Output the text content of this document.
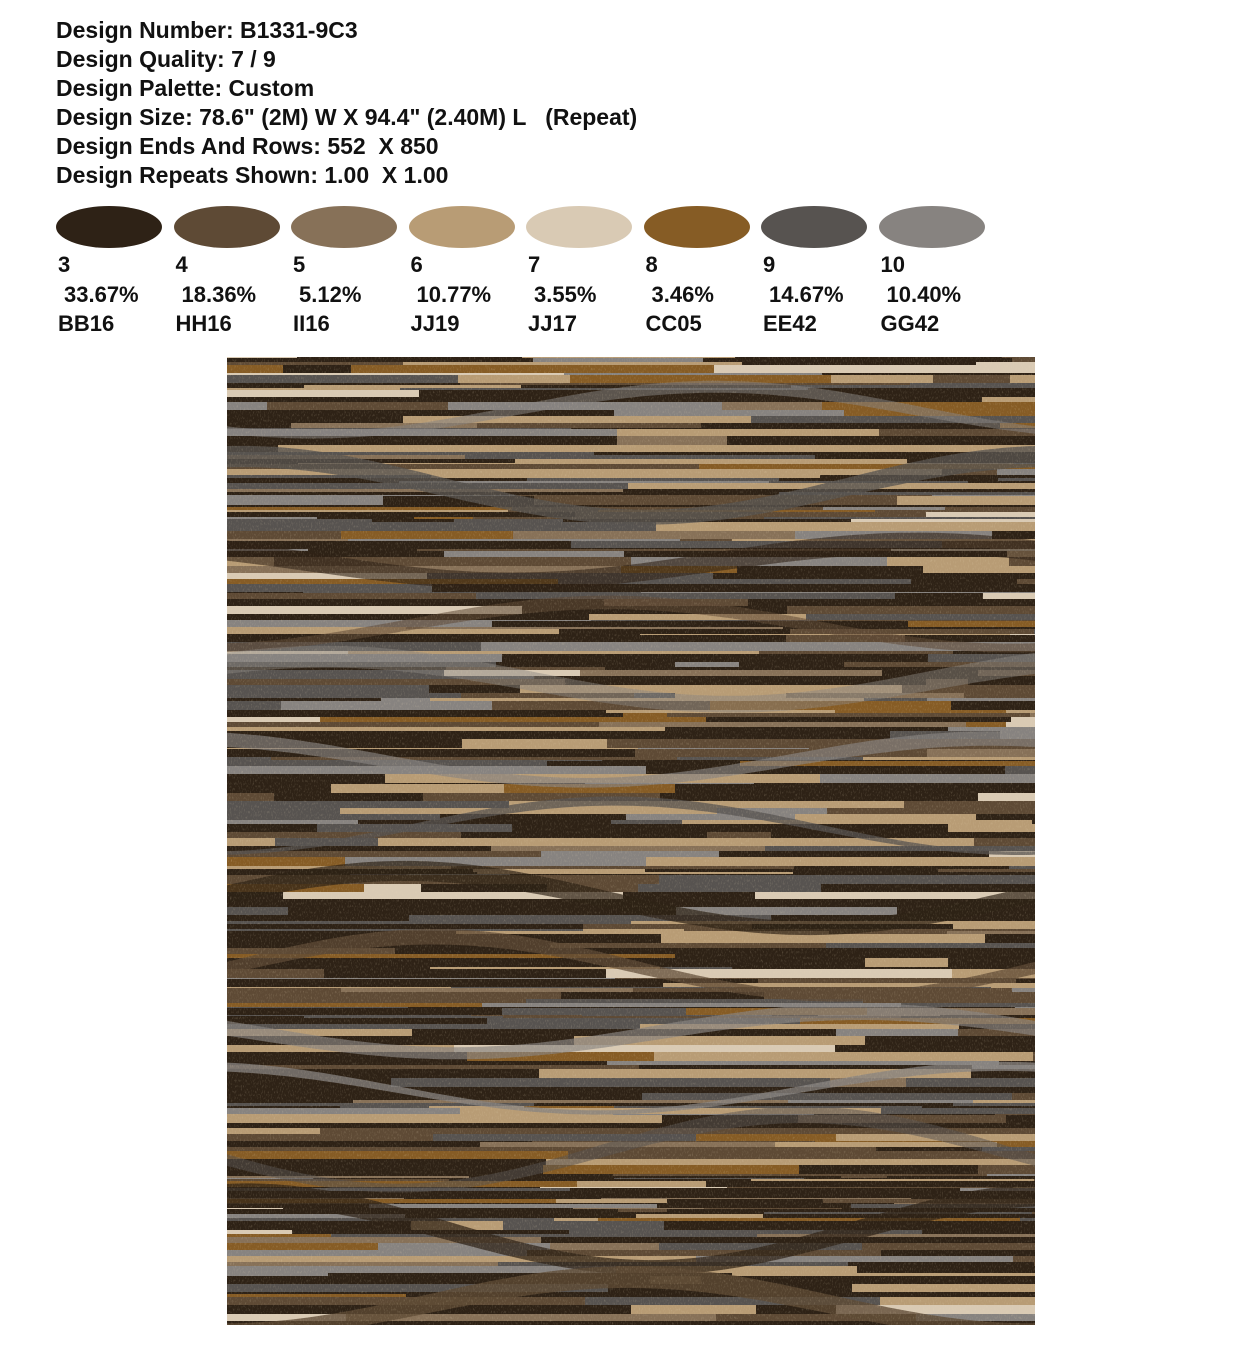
Design Number: B1331-9C3
Design Quality: 7 / 9
Design Palette: Custom
Design Size: 78.6" (2M) W X 94.4" (2.40M) L   (Repeat)
Design Ends And Rows: 552  X 850
Design Repeats Shown: 1.00  X 1.00
3
33.67%
BB16
4
18.36%
HH16
5
5.12%
II16
6
10.77%
JJ19
7
3.55%
JJ17
8
3.46%
CC05
9
14.67%
EE42
10
10.40%
GG42
